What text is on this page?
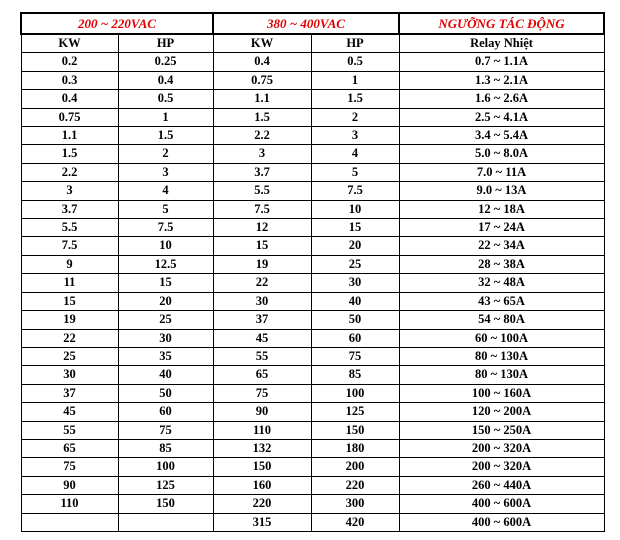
200 ~ 220VAC		380 ~ 400VAC		NGƯỠNG TÁC ĐỘNG
KW	HP	KW	HP	Relay Nhiệt
0.2	0.25	0.4	0.5	0.7 ~ 1.1A
0.3	0.4	0.75	1	1.3 ~ 2.1A
0.4	0.5	1.1	1.5	1.6 ~ 2.6A
0.75	1	1.5	2	2.5 ~ 4.1A
1.1	1.5	2.2	3	3.4 ~ 5.4A
1.5	2	3	4	5.0 ~ 8.0A
2.2	3	3.7	5	7.0 ~ 11A
3	4	5.5	7.5	9.0 ~ 13A
3.7	5	7.5	10	12 ~ 18A
5.5	7.5	12	15	17 ~ 24A
7.5	10	15	20	22 ~ 34A
9	12.5	19	25	28 ~ 38A
11	15	22	30	32 ~ 48A
15	20	30	40	43 ~ 65A
19	25	37	50	54 ~ 80A
22	30	45	60	60 ~ 100A
25	35	55	75	80 ~ 130A
30	40	65	85	80 ~ 130A
37	50	75	100	100 ~ 160A
45	60	90	125	120 ~ 200A
55	75	110	150	150 ~ 250A
65	85	132	180	200 ~ 320A
75	100	150	200	200 ~ 320A
90	125	160	220	260 ~ 440A
110	150	220	300	400 ~ 600A
		315	420	400 ~ 600A
